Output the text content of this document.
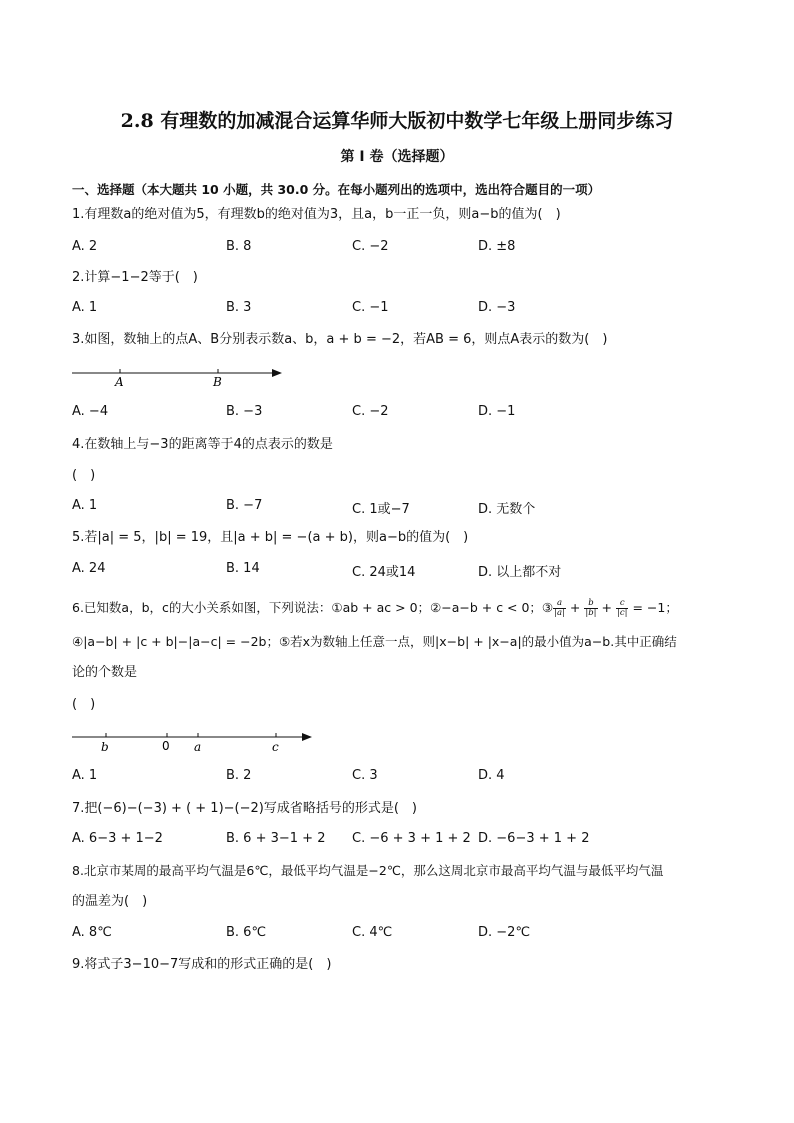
2.8 有理数的加减混合运算华师大版初中数学七年级上册同步练习
第 I 卷（选择题）
一、选择题（本大题共 10 小题，共 30.0 分。在每小题列出的选项中，选出符合题目的一项）
1.有理数a的绝对值为5，有理数b的绝对值为3，且a，b一正一负，则a−b的值为(　)
A. 2	B. 8	C. −2	D. ±8
2.计算−1−2等于(　)
A. 1	B. 3	C. −1	D. −3
3.如图，数轴上的点A、B分别表示数a、b，a + b = −2，若AB = 6，则点A表示的数为(　)
A	B
A. −4	B. −3	C. −2	D. −1
4.在数轴上与−3的距离等于4的点表示的数是
(　)
A. 1	B. −7	C. 1或−7	D. 无数个
5.若|a| = 5，|b| = 19，且|a + b| = −(a + b)，则a−b的值为(　)
A. 24	B. 14	C. 24或14	D. 以上都不对
6.已知数a，b，c的大小关系如图，下列说法：①ab + ac > 0；②−a−b + c < 0；③ $\frac{a}{|a|} + \frac{b}{|b|} + \frac{c}{|c|} = -1$；
④|a−b| + |c + b|−|a−c| = −2b；⑤若x为数轴上任意一点，则|x−b| + |x−a|的最小值为a−b.其中正确结
论的个数是
(　)
b	0 a	c
A. 1	B. 2	C. 3	D. 4
7.把(−6)−(−3) + ( + 1)−(−2)写成省略括号的形式是(　)
A. 6−3 + 1−2	B. 6 + 3−1 + 2 C. −6 + 3 + 1 + 2 D. −6−3 + 1 + 2
8.北京市某周的最高平均气温是6℃，最低平均气温是−2℃，那么这周北京市最高平均气温与最低平均气温
的温差为(　)
A. 8℃	B. 6℃	C. 4℃	D. −2℃
9.将式子3−10−7写成和的形式正确的是(　)
